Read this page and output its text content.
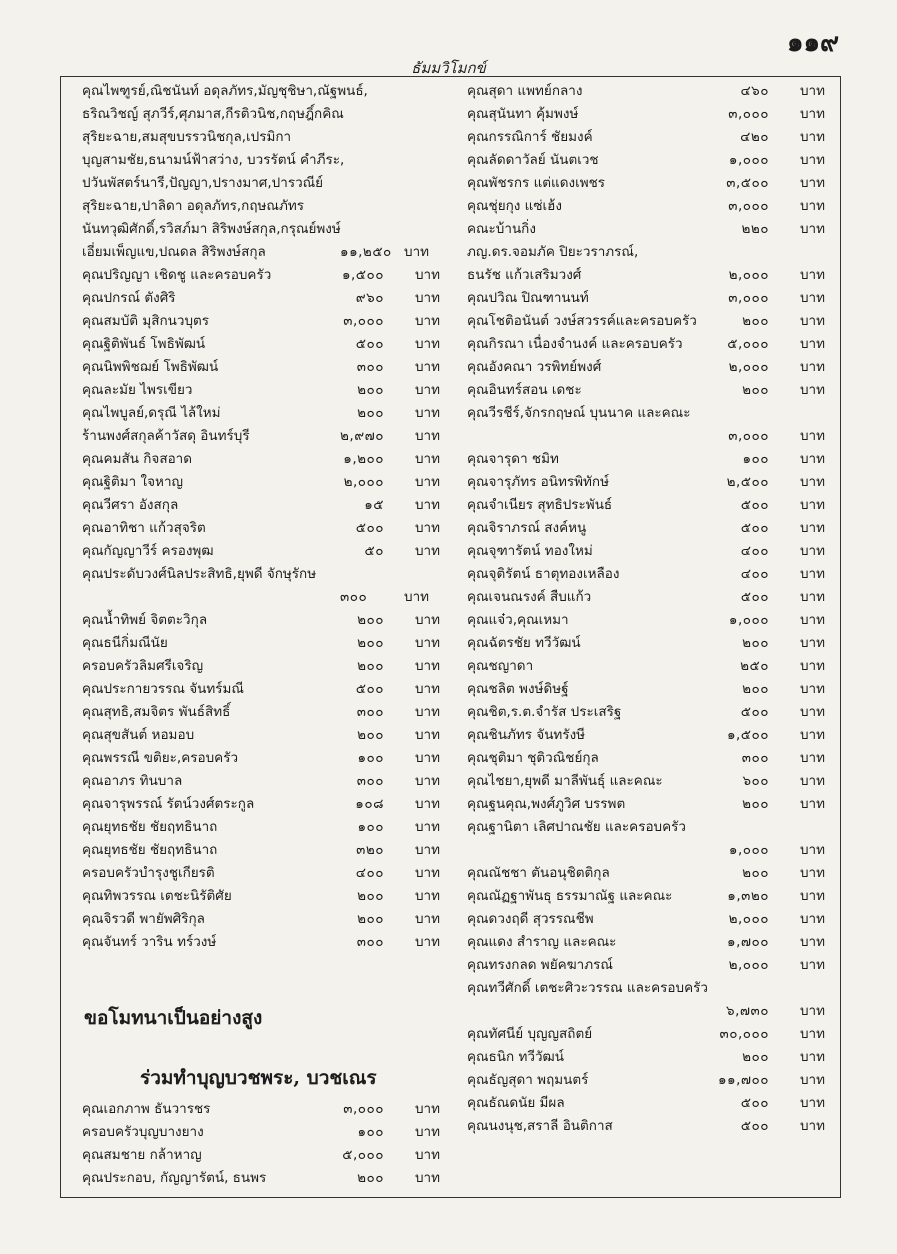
๑๑๙
ธัมมวิโมกข์
คุณไพฑูรย์,ณิชนันท์ อดุลภัทร,มัญชุชิษา,ณัฐพนธ์,
ธริณวิชญ์ สุภวีร์,ศุภมาส,กีรติวนิช,กฤษฎิ์กคิณ
สุริยะฉาย,สมสุขบรรวนิชกุล,เปรมิกา
บุญสามชัย,ธนามน์ฟ้าสว่าง, บวรรัตน์ คำภีระ,
ปวันพัสตร์นารี,ปัญญา,ปรางมาศ,ปารวณีย์
สุริยะฉาย,ปาลิดา อดุลภัทร,กฤษณภัทร
นันทวุฒิศักดิ์,รวิสภ์มา สิริพงษ์สกุล,กรุณย์พงษ์
เอี่ยมเพ็ญแข,ปณดล สิริพงษ์สกุล	๑๑,๒๕๐ บาท
คุณปริญญา เชิดชู และครอบครัว	๑,๕๐๐ บาท
คุณปกรณ์ ตังศิริ	๙๖๐ บาท
คุณสมบัติ มุสิกนวบุตร	๓,๐๐๐ บาท
คุณฐิติพันธ์ โพธิพัฒน์	๕๐๐ บาท
คุณนิพพิชฌย์ โพธิพัฒน์	๓๐๐ บาท
คุณละมัย ไพรเขียว	๒๐๐ บาท
คุณไพบูลย์,ดรุณี ไล้ใหม่	๒๐๐ บาท
ร้านพงศ์สกุลค้าวัสดุ อินทร์บุรี	๒,๙๗๐ บาท
คุณคมสัน กิจสอาด	๑,๒๐๐ บาท
คุณฐิติมา ใจหาญ	๒,๐๐๐ บาท
คุณวีศรา อังสกุล	๑๕ บาท
คุณอาทิชา แก้วสุจริต	๕๐๐ บาท
คุณกัญญาวีร์ ครองพุฒ	๕๐ บาท
คุณประดับวงศ์นิลประสิทธิ,ยุพดี จักษุรักษ
๓๐๐	บาท
คุณน้ำทิพย์ จิตตะวิกุล	๒๐๐ บาท
คุณธนีกิ่มณีนัย	๒๐๐ บาท
ครอบครัวลิมศรีเจริญ	๒๐๐ บาท
คุณประกายวรรณ จันทร์มณี	๕๐๐ บาท
คุณสุทธิ,สมจิตร พันธ์สิทธิ์	๓๐๐ บาท
คุณสุขสันต์ หอมอบ	๒๐๐ บาท
คุณพรรณี ขติยะ,ครอบครัว	๑๐๐ บาท
คุณอาภร ทินบาล	๓๐๐ บาท
คุณจารุพรรณ์ รัตน์วงศ์ตระกูล	๑๐๘ บาท
คุณยุทธชัย ชัยฤทธินาถ	๑๐๐ บาท
คุณยุทธชัย ชัยฤทธินาถ	๓๒๐ บาท
ครอบครัวบำรุงชูเกียรติ	๔๐๐ บาท
คุณทิพวรรณ เตชะนิรัติศัย	๒๐๐ บาท
คุณจิรวดี พายัพศิริกุล	๒๐๐ บาท
คุณจันทร์ วาริน ทร์วงษ์	๓๐๐ บาท
ขอโมทนาเป็นอย่างสูง
ร่วมทำบุญบวชพระ, บวชเณร
คุณเอกภาพ ธันวารชร	๓,๐๐๐ บาท
ครอบครัวบุญบางยาง	๑๐๐ บาท
คุณสมชาย กล้าหาญ	๕,๐๐๐ บาท
คุณประกอบ, กัญญารัตน์, ธนพร	๒๐๐ บาท
คุณสุดา แพทย์กลาง	๔๖๐ บาท
คุณสุนันทา คุ้มพงษ์	๓,๐๐๐ บาท
คุณกรรณิการ์ ชัยมงค์	๔๒๐ บาท
คุณลัดดาวัลย์ นันตเวช	๑,๐๐๐ บาท
คุณพัชรกร แต่แดงเพชร	๓,๕๐๐ บาท
คุณชุ่ยกุง แซ่เฮ้ง	๓,๐๐๐ บาท
คณะบ้านกิ่ง	๒๒๐ บาท
ภญ.ดร.จอมภัค ปิยะวราภรณ์,
ธนรัช แก้วเสริมวงศ์	๒,๐๐๐ บาท
คุณปวิณ ปิณฑานนท์	๓,๐๐๐ บาท
คุณโชติอนันต์ วงษ์สวรรค์และครอบครัว	๒๐๐ บาท
คุณกิรณา เนื่องจำนงค์ และครอบครัว	๕,๐๐๐ บาท
คุณอังคณา วรพิทย์พงศ์	๒,๐๐๐ บาท
คุณอินทร์สอน เดชะ	๒๐๐ บาท
คุณวีรชีร์,จักรกฤษณ์ บุนนาค และคณะ
๓,๐๐๐ บาท
คุณจารุดา ชมิท	๑๐๐ บาท
คุณจารุภัทร อนิทรพิทักษ์	๒,๕๐๐ บาท
คุณจำเนียร สุทธิประพันธ์	๕๐๐ บาท
คุณจิราภรณ์ สงค์หนู	๕๐๐ บาท
คุณจุฑารัตน์ ทองใหม่	๔๐๐ บาท
คุณจุติรัตน์ ธาตุทองเหลือง	๔๐๐ บาท
คุณเจนณรงค์ สืบแก้ว	๕๐๐ บาท
คุณแจ๋ว,คุณเหมา	๑,๐๐๐ บาท
คุณฉัตรชัย ทวีวัฒน์	๒๐๐ บาท
คุณชญาดา	๒๕๐ บาท
คุณชลิต พงษ์ดิษฐ์	๒๐๐ บาท
คุณชิต,ร.ต.จำรัส ประเสริฐ	๕๐๐ บาท
คุณชินภัทร จันทรังษี	๑,๕๐๐ บาท
คุณชุติมา ชุติวณิชย์กุล	๓๐๐ บาท
คุณไชยา,ยุพดี มาลีพันธุ์ และคณะ	๖๐๐ บาท
คุณฐนคุณ,พงศ์ภูวิศ บรรพต	๒๐๐ บาท
คุณฐานิตา เลิศปาณชัย และครอบครัว
๑,๐๐๐ บาท
คุณณัชชา ตันอนุชิตติกุล	๒๐๐ บาท
คุณณัฏฐาพันธุ ธรรมาณัฐ และคณะ	๑,๓๒๐ บาท
คุณดวงฤดี สุวรรณชีพ	๒,๐๐๐ บาท
คุณแดง สำราญ และคณะ	๑,๗๐๐ บาท
คุณทรงกลด พยัคฆาภรณ์	๒,๐๐๐ บาท
คุณทวีศักดิ์ เตชะศิวะวรรณ และครอบครัว
๖,๗๓๐ บาท
คุณทัศนีย์ บุญญสถิตย์	๓๐,๐๐๐ บาท
คุณธนิก ทวีวัฒน์	๒๐๐ บาท
คุณธัญสุดา พฤมนตร์	๑๑,๗๐๐ บาท
คุณธัณดนัย มีผล	๕๐๐ บาท
คุณนงนุช,สราลี อินติกาส	๕๐๐ บาท
